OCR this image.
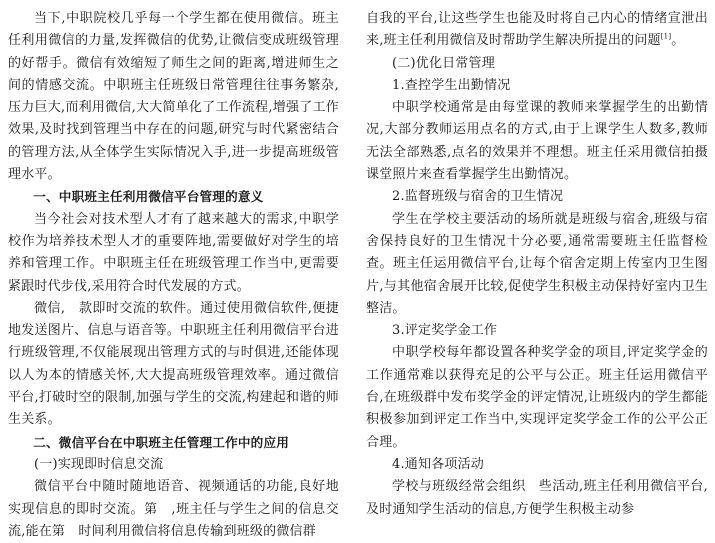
当下,中职院校几乎每一个学生都在使用微信。班主任利用微信的力量,发挥微信的优势,让微信变成班级管理的好帮手。微信有效缩短了师生之间的距离,增进师生之间的情感交流。中职班主任班级日常管理往往事务繁杂,压力巨大,而利用微信,大大简单化了工作流程,增强了工作效果,及时找到管理当中存在的问题,研究与时代紧密结合的管理方法,从全体学生实际情况入手,进一步提高班级管理水平。

一、中职班主任利用微信平台管理的意义

当今社会对技术型人才有了越来越大的需求,中职学校作为培养技术型人才的重要阵地,需要做好对学生的培养和管理工作。中职班主任在班级管理工作当中,更需要紧跟时代步伐,采用符合时代发展的方式。

微信,　款即时交流的软件。通过使用微信软件,便捷地发送图片、信息与语音等。中职班主任利用微信平台进行班级管理,不仅能展现出管理方式的与时俱进,还能体现以人为本的情感关怀,大大提高班级管理效率。通过微信平台,打破时空的限制,加强与学生的交流,构建起和谐的师生关系。

二、微信平台在中职班主任管理工作中的应用
(一)实现即时信息交流

微信平台中随时随地语音、视频通话的功能,良好地实现信息的即时交流。第　,班主任与学生之间的信息交流,能在第　时间利用微信将信息传输到班级的微信群

自我的平台,让这些学生也能及时将自己内心的情绪宣泄出来,班主任利用微信及时帮助学生解决所提出的问题[1]。

(二)优化日常管理
1.查控学生出勤情况

中职学校通常是由每堂课的教师来掌握学生的出勤情况,大部分教师运用点名的方式,由于上课学生人数多,教师无法全部熟悉,点名的效果并不理想。班主任采用微信拍摄课堂照片来查看掌握学生出勤情况。

2.监督班级与宿舍的卫生情况

学生在学校主要活动的场所就是班级与宿舍,班级与宿舍保持良好的卫生情况十分必要,通常需要班主任监督检查。班主任运用微信平台,让每个宿舍定期上传室内卫生图片,与其他宿舍展开比较,促使学生积极主动保持好室内卫生整洁。

3.评定奖学金工作

中职学校每年都设置各种奖学金的项目,评定奖学金的工作通常难以获得充足的公平与公正。班主任运用微信平台,在班级群中发布奖学金的评定情况,让班级内的学生都能积极参加到评定工作当中,实现评定奖学金工作的公平公正合理。

4.通知各项活动

学校与班级经常会组织　些活动,班主任利用微信平台,及时通知学生活动的信息,方便学生积极主动参
